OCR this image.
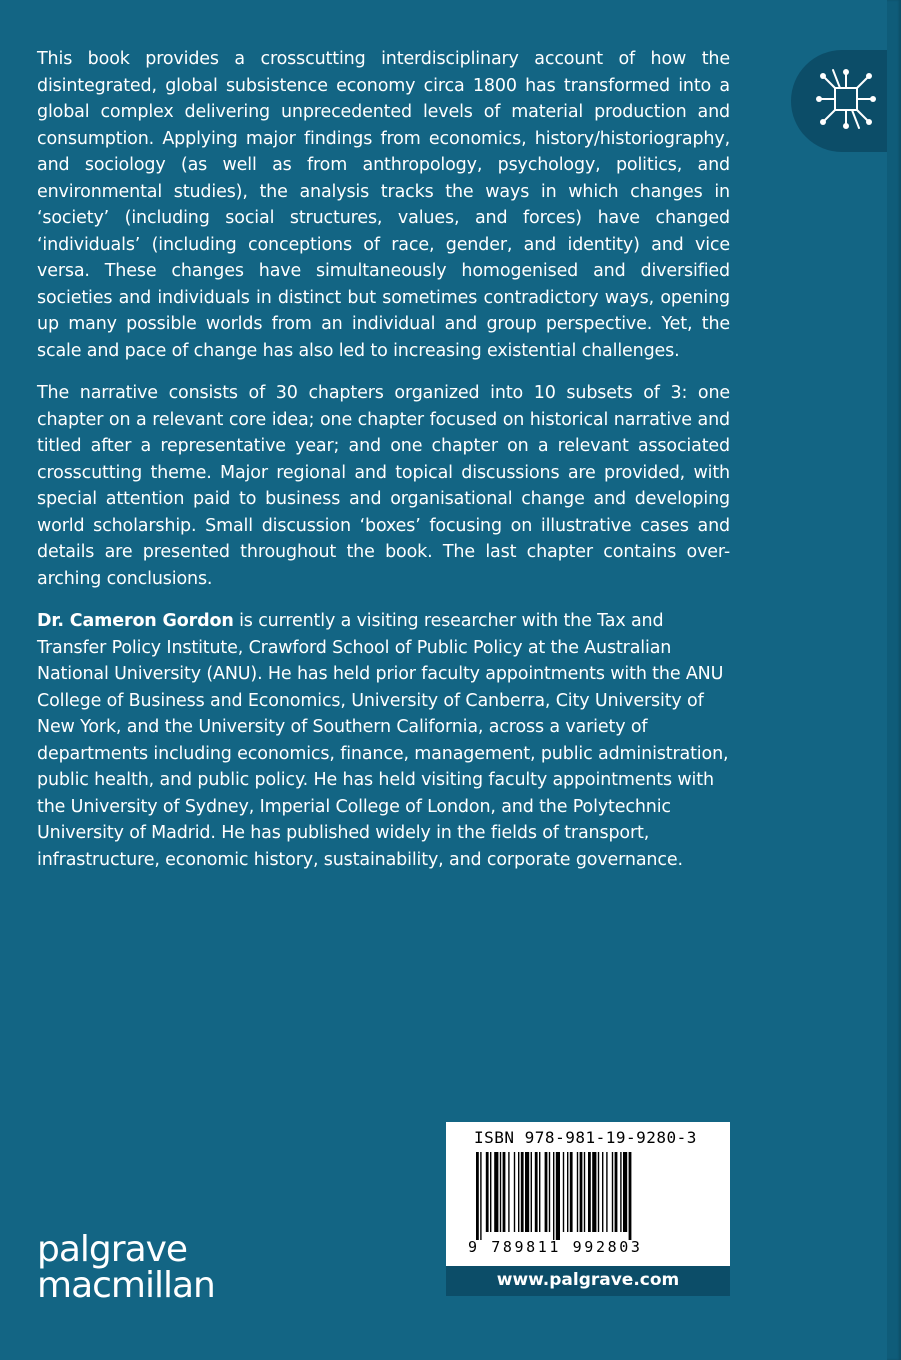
This book provides a crosscutting interdisciplinary account of how the disintegrated, global subsistence economy circa 1800 has transformed into a global complex delivering unprecedented levels of material production and consumption. Applying major findings from economics, history/historiography, and sociology (as well as from anthropology, psychology, politics, and environmental studies), the analysis tracks the ways in which changes in ‘society’ (including social structures, values, and forces) have changed ‘individuals’ (including conceptions of race, gender, and identity) and vice versa. These changes have simultaneously homogenised and diversified societies and individuals in distinct but sometimes contradictory ways, opening up many possible worlds from an individual and group perspective. Yet, the scale and pace of change has also led to increasing existential challenges.

The narrative consists of 30 chapters organized into 10 subsets of 3: one chapter on a relevant core idea; one chapter focused on historical narrative and titled after a representative year; and one chapter on a relevant associated crosscutting theme. Major regional and topical discussions are provided, with special attention paid to business and organisational change and developing world scholarship. Small discussion ‘boxes’ focusing on illustrative cases and details are presented throughout the book. The last chapter contains over-arching conclusions.

Dr. Cameron Gordon is currently a visiting researcher with the Tax and Transfer Policy Institute, Crawford School of Public Policy at the Australian National University (ANU). He has held prior faculty appointments with the ANU College of Business and Economics, University of Canberra, City University of New York, and the University of Southern California, across a variety of departments including economics, finance, management, public administration, public health, and public policy. He has held visiting faculty appointments with the University of Sydney, Imperial College of London, and the Polytechnic University of Madrid. He has published widely in the fields of transport, infrastructure, economic history, sustainability, and corporate governance.

palgrave
macmillan
ISBN 978-981-19-9280-3
9 789811 992803
www.palgrave.com
